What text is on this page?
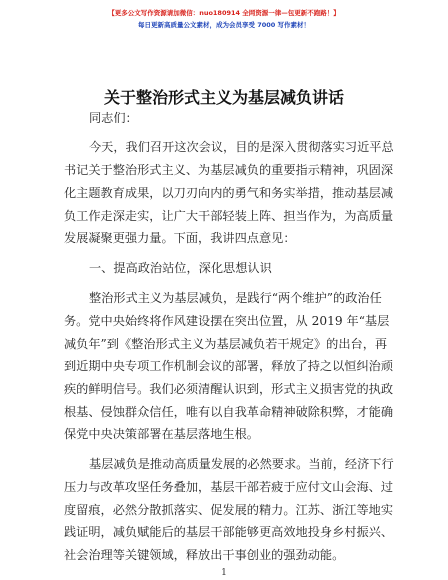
【更多公文写作资源请加微信：nuo180914 全网资源一律—包更新不跑路！】
每日更新高质量公文素材，成为会员享受 7000 写作素材！
关于整治形式主义为基层减负讲话
同志们：
今天，我们召开这次会议，目的是深入贯彻落实习近平总
书记关于整治形式主义、为基层减负的重要指示精神，巩固深
化主题教育成果，以刀刃向内的勇气和务实举措，推动基层减
负工作走深走实，让广大干部轻装上阵、担当作为，为高质量
发展凝聚更强力量。下面，我讲四点意见：
一、提高政治站位，深化思想认识
整治形式主义为基层减负，是践行“两个维护”的政治任
务。党中央始终将作风建设摆在突出位置，从 2019 年“基层
减负年”到《整治形式主义为基层减负若干规定》的出台，再
到近期中央专项工作机制会议的部署，释放了持之以恒纠治顽
疾的鲜明信号。我们必须清醒认识到，形式主义损害党的执政
根基、侵蚀群众信任，唯有以自我革命精神破除积弊，才能确
保党中央决策部署在基层落地生根。
基层减负是推动高质量发展的必然要求。当前，经济下行
压力与改革攻坚任务叠加，基层干部若疲于应付文山会海、过
度留痕，必然分散抓落实、促发展的精力。江苏、浙江等地实
践证明，减负赋能后的基层干部能够更高效地投身乡村振兴、
社会治理等关键领域，释放出干事创业的强劲动能。
1
